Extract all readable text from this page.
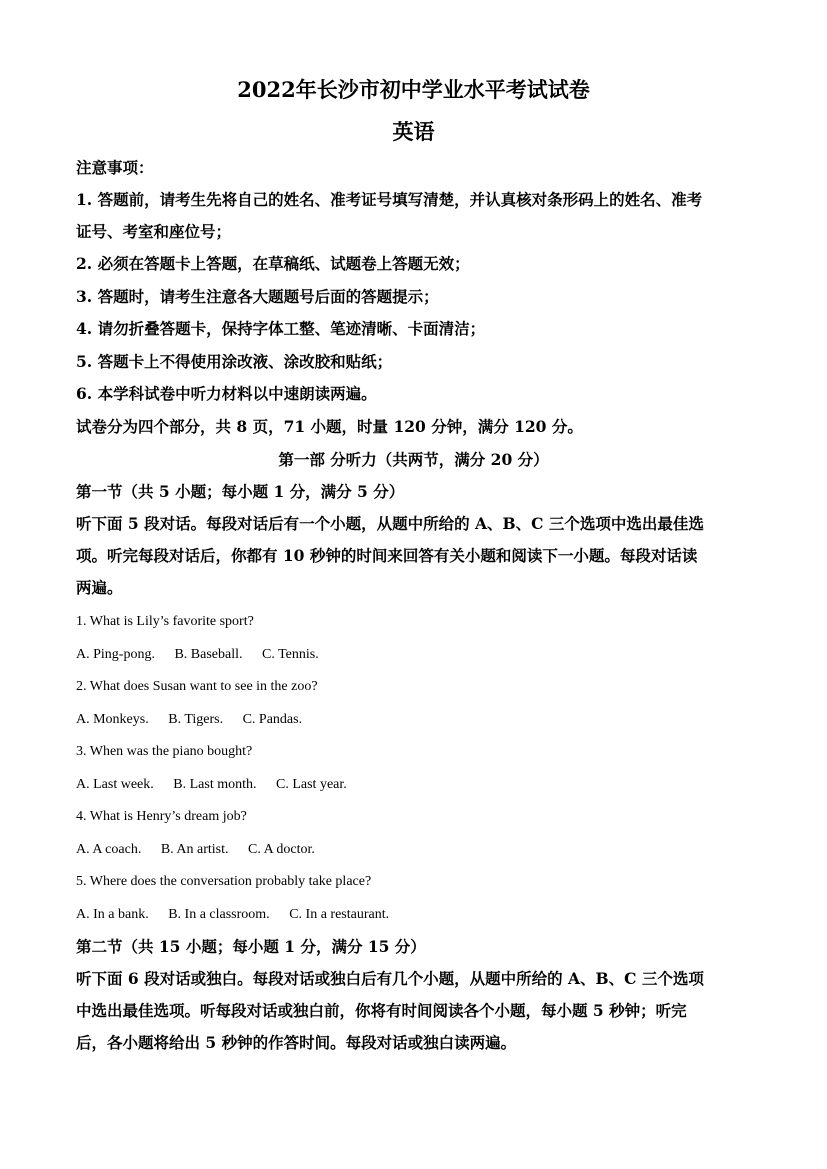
2022年长沙市初中学业水平考试试卷
英语
注意事项：
1. 答题前，请考生先将自己的姓名、准考证号填写清楚，并认真核对条形码上的姓名、准考
证号、考室和座位号；
2. 必须在答题卡上答题，在草稿纸、试题卷上答题无效；
3. 答题时，请考生注意各大题题号后面的答题提示；
4. 请勿折叠答题卡，保持字体工整、笔迹清晰、卡面清洁；
5. 答题卡上不得使用涂改液、涂改胶和贴纸；
6. 本学科试卷中听力材料以中速朗读两遍。
试卷分为四个部分，共 8 页，71 小题，时量 120 分钟，满分 120 分。
第一部 分听力（共两节，满分 20 分）
第一节（共 5 小题；每小题 1 分，满分 5 分）
听下面 5 段对话。每段对话后有一个小题，从题中所给的 A、B、C 三个选项中选出最佳选
项。听完每段对话后，你都有 10 秒钟的时间来回答有关小题和阅读下一小题。每段对话读
两遍。
1. What is Lily’s favorite sport?
A. Ping-pong. B. Baseball. C. Tennis.
2. What does Susan want to see in the zoo?
A. Monkeys. B. Tigers. C. Pandas.
3. When was the piano bought?
A. Last week. B. Last month. C. Last year.
4. What is Henry’s dream job?
A. A coach. B. An artist. C. A doctor.
5. Where does the conversation probably take place?
A. In a bank. B. In a classroom. C. In a restaurant.
第二节（共 15 小题；每小题 1 分，满分 15 分）
听下面 6 段对话或独白。每段对话或独白后有几个小题，从题中所给的 A、B、C 三个选项
中选出最佳选项。听每段对话或独白前，你将有时间阅读各个小题，每小题 5 秒钟；听完
后，各小题将给出 5 秒钟的作答时间。每段对话或独白读两遍。
